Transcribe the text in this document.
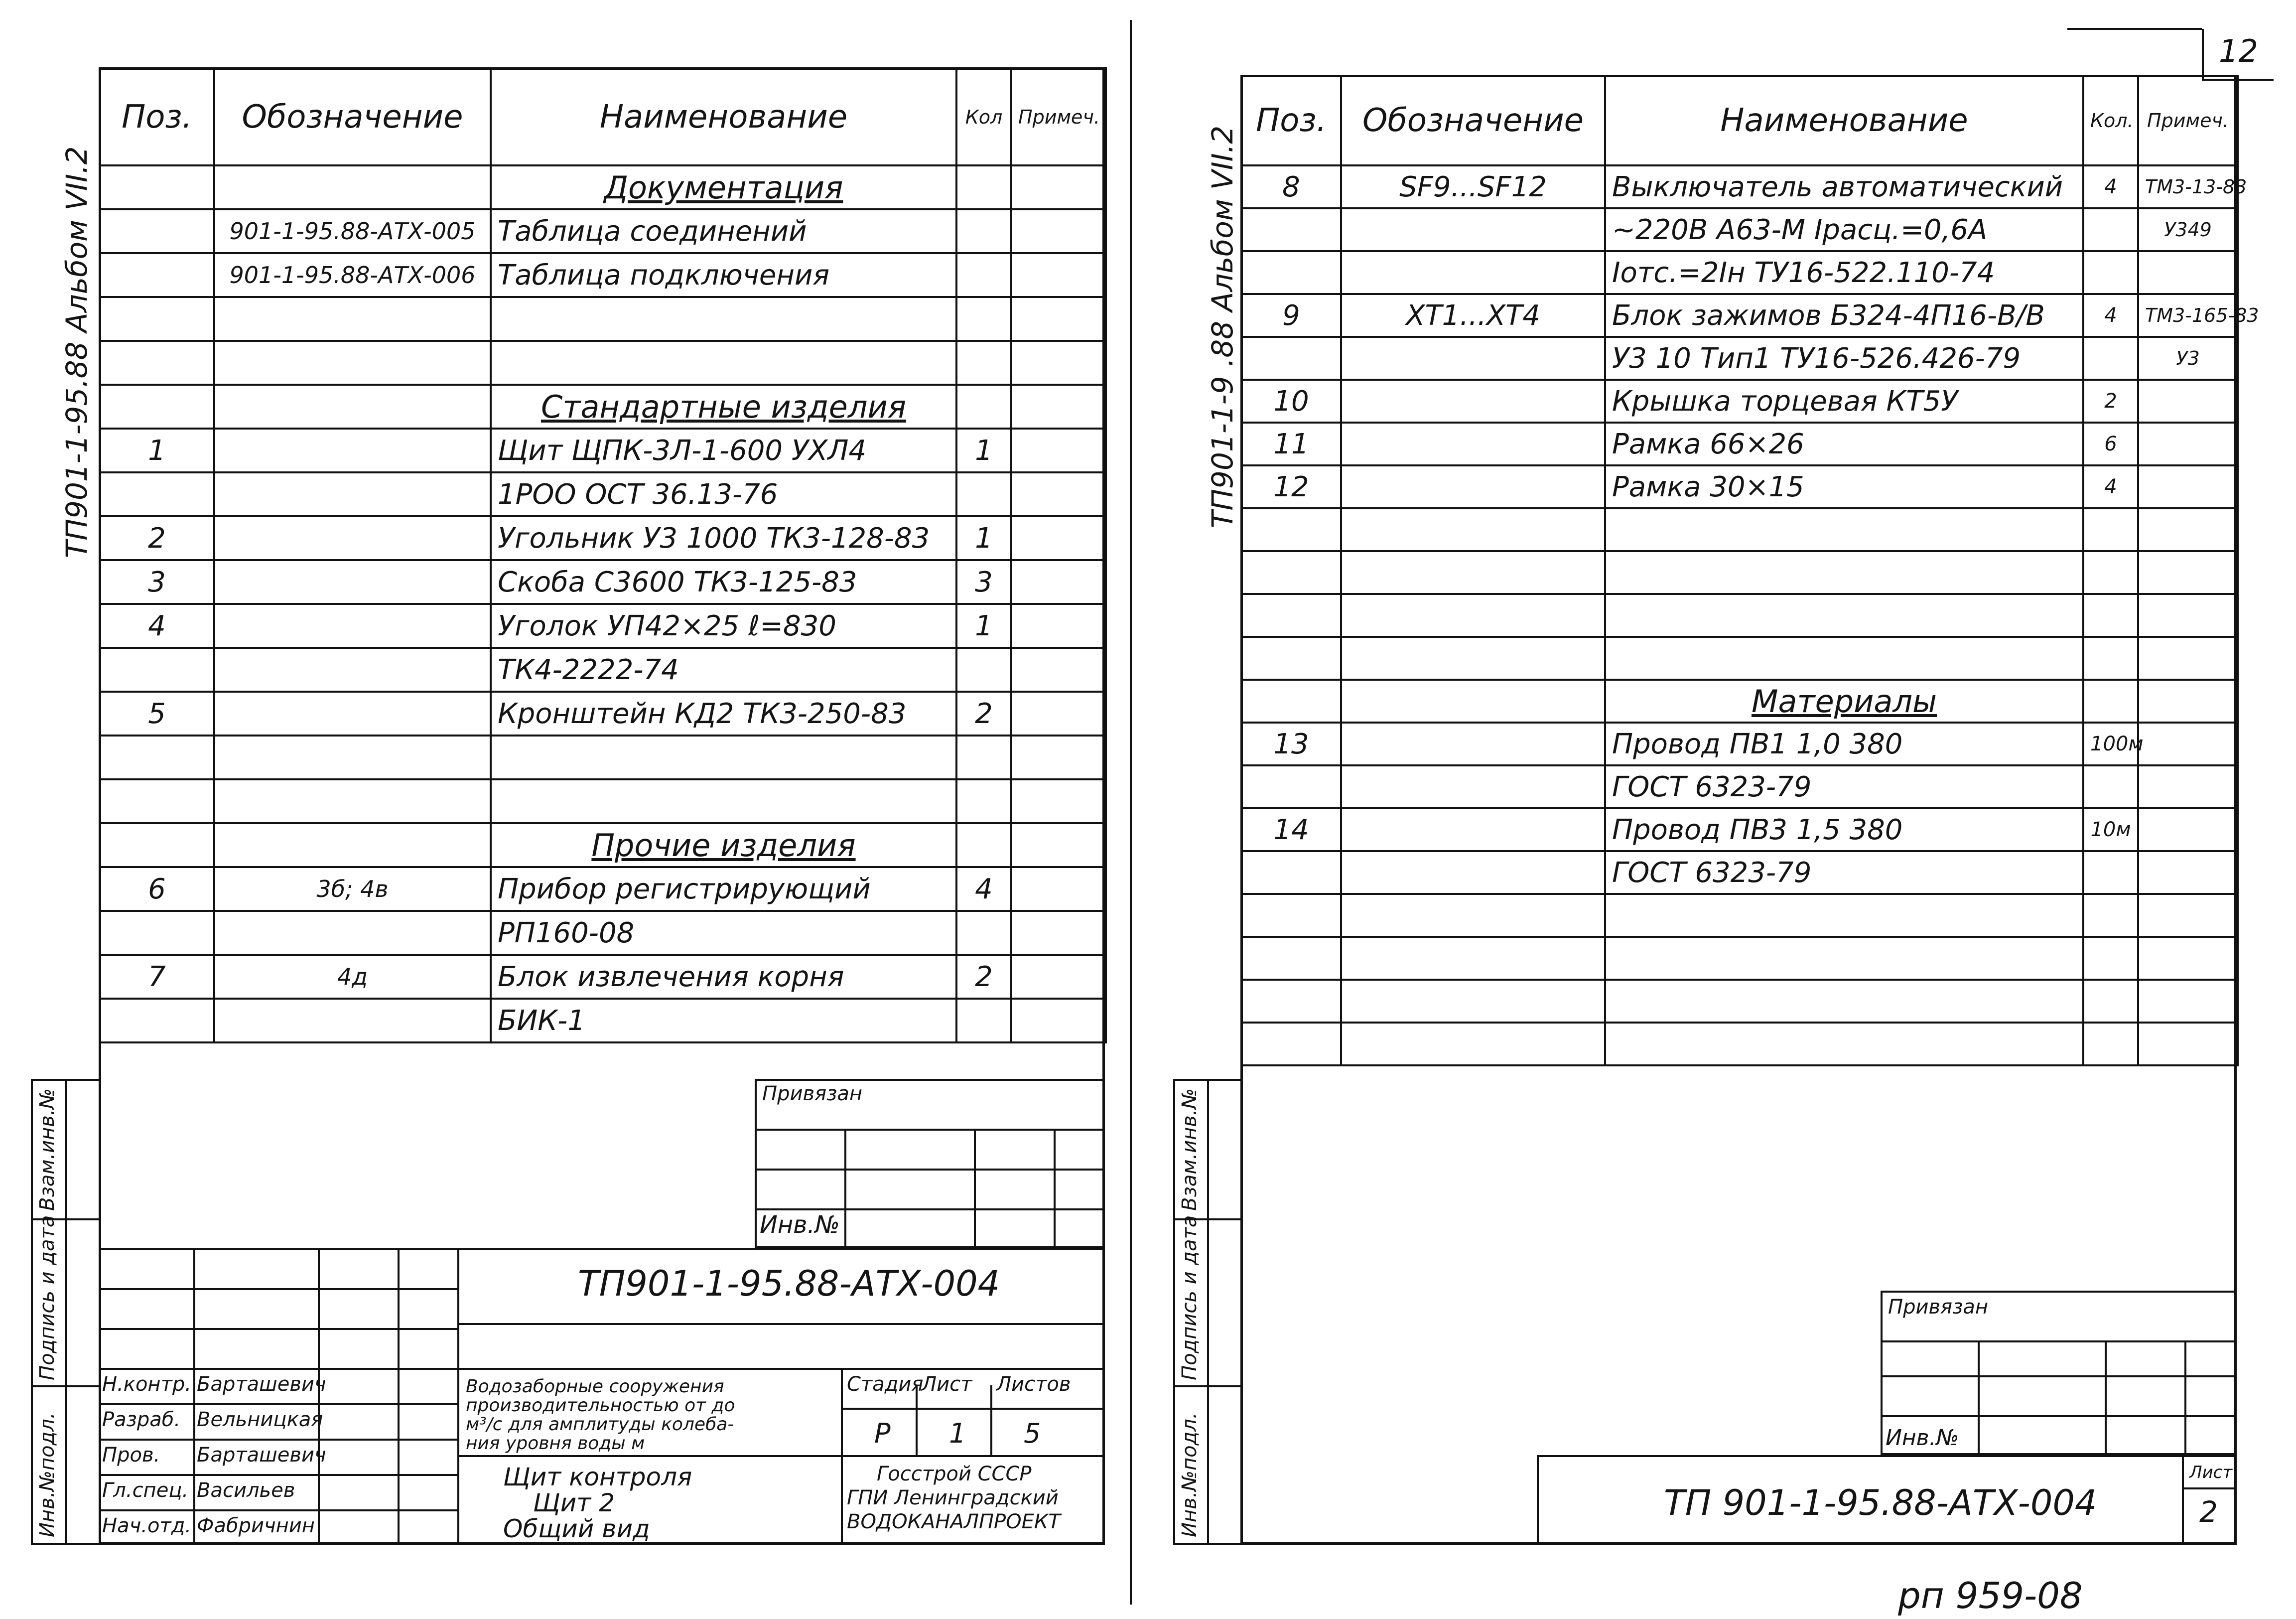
12
ТП901-1-95.88 Альбом VII.2
Взам.инв.№
Подпись и дата
Инв.№подл.
Поз.	Обозначение	Наименование	Кол	Примеч.
		Документация		
	901-1-95.88-АТХ-005	Таблица соединений		
	901-1-95.88-АТХ-006	Таблица подключения		

		Стандартные изделия		
1		Щит ЩПК-3Л-1-600 УХЛ4	1	
		1РОО ОСТ 36.13-76		
2		Угольник У3 1000 ТК3-128-83	1	
3		Скоба С3600 ТК3-125-83	3	
4		Уголок УП42×25 ℓ=830	1	
		ТК4-2222-74		
5		Кронштейн КД2 ТК3-250-83	2	

		Прочие изделия		
6	3б; 4в	Прибор регистрирующий	4	
		РП160-08		
7	4д	Блок извлечения корня	2	
		БИК-1		
Привязан
Инв.№
ТП901-1-95.88-АТХ-004
Н.контр. Барташевич
Разраб. Вельницкая
Пров. Барташевич
Гл.спец. Васильев
Нач.отд. Фабричнин
Водозаборные сооружения
производительностью от до
м³/с для амплитуды колеба-
ния уровня воды м
Стадия
Р
Лист
1
Листов
5
Щит контроля
Щит 2
Общий вид
Госстрой СССР
ГПИ Ленинградский
ВОДОКАНАЛПРОЕКТ
ТП901-1-9 .88 Альбом VII.2
Взам.инв.№
Подпись и дата
Инв.№подл.
Поз.	Обозначение	Наименование	Кол.	Примеч.
8	SF9...SF12	Выключатель автоматический	4	ТМ3-13-83
		~220В А63-М Iрасц.=0,6А		У349
		Iотс.=2Iн ТУ16-522.110-74		
9	ХТ1...ХТ4	Блок зажимов Б324-4П16-В/В	4	ТМ3-165-83
		У3 10 Тип1 ТУ16-526.426-79		У3
10		Крышка торцевая КТ5У	2	
11		Рамка 66×26	6	
12		Рамка 30×15	4	

		Материалы		
13		Провод ПВ1 1,0 380	100м	
		ГОСТ 6323-79		
14		Провод ПВ3 1,5 380	10м	
		ГОСТ 6323-79		

Привязан
Инв.№
ТП 901-1-95.88-АТХ-004
Лист
2
рп 959-08
